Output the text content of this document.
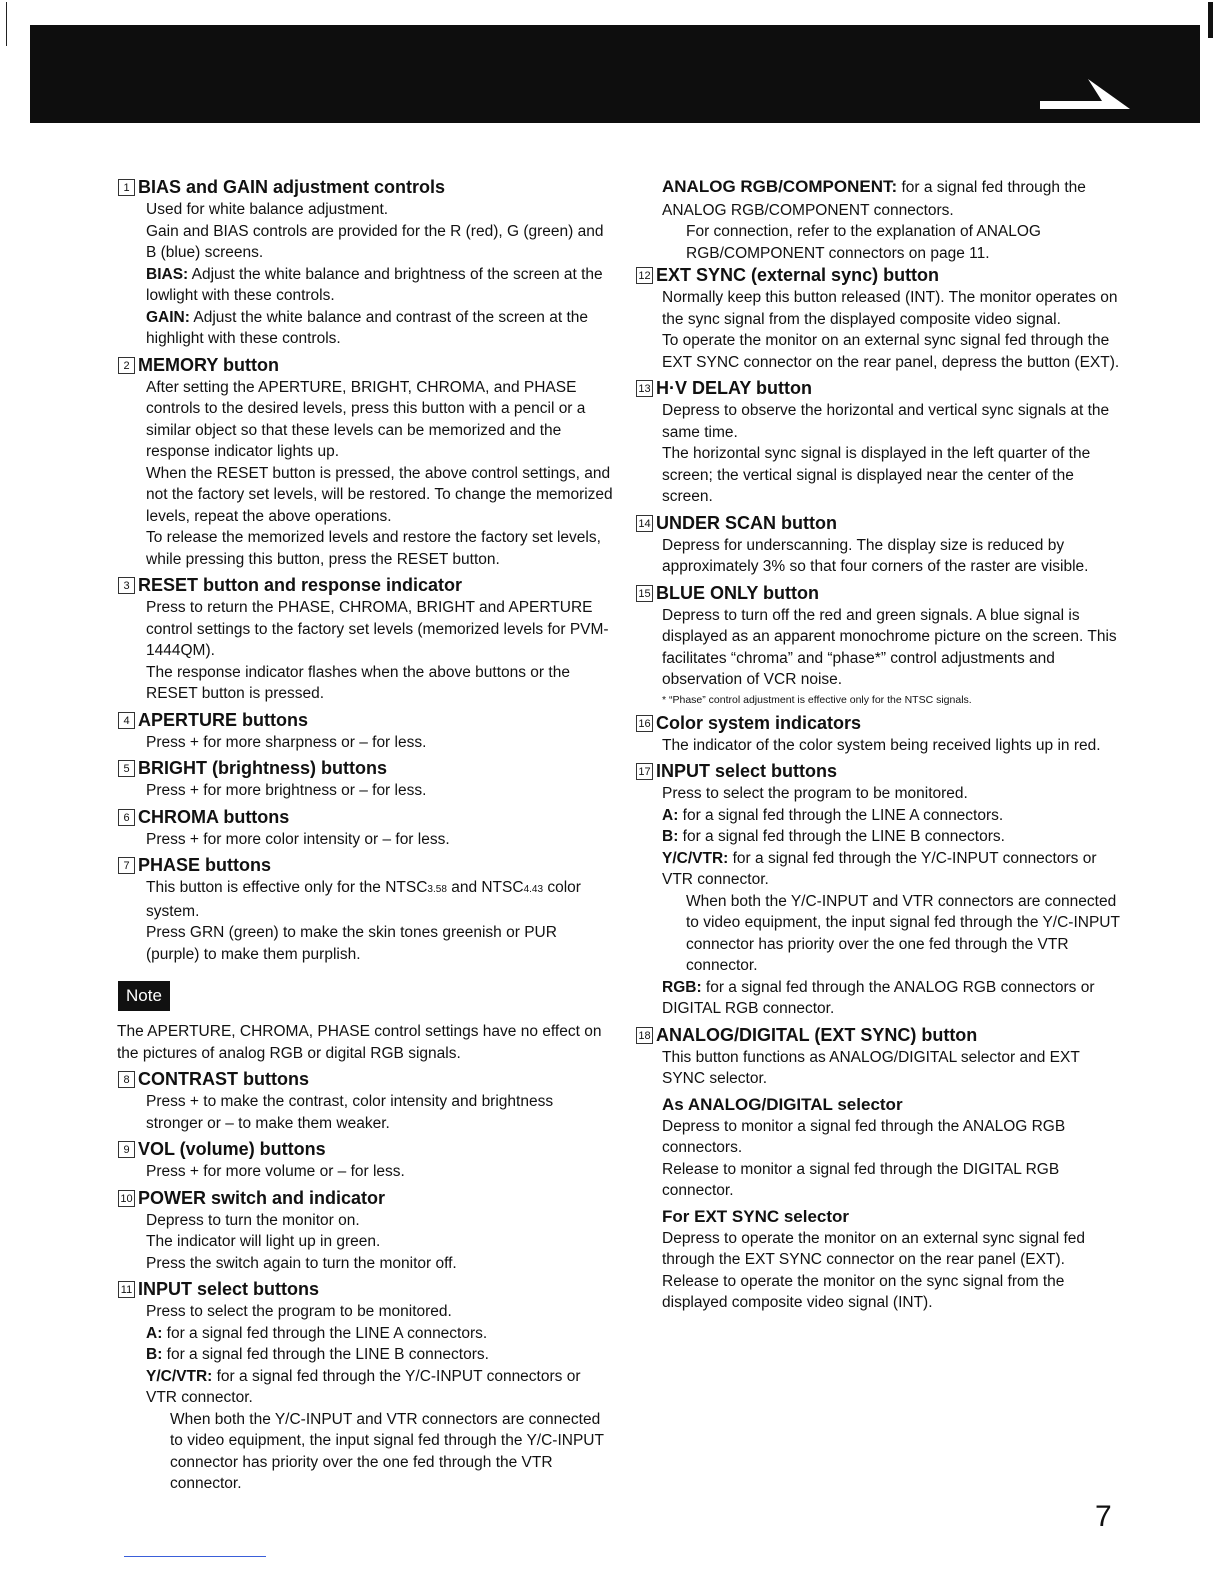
1 BIAS and GAIN adjustment controls

Used for white balance adjustment.

Gain and BIAS controls are provided for the R (red), G (green) and B (blue) screens.

BIAS: Adjust the white balance and brightness of the screen at the lowlight with these controls.

GAIN: Adjust the white balance and contrast of the screen at the highlight with these controls.

2 MEMORY button

After setting the APERTURE, BRIGHT, CHROMA, and PHASE controls to the desired levels, press this button with a pencil or a similar object so that these levels can be memorized and the response indicator lights up.

When the RESET button is pressed, the above control settings, and not the factory set levels, will be restored. To change the memorized levels, repeat the above operations.

To release the memorized levels and restore the factory set levels, while pressing this button, press the RESET button.

3 RESET button and response indicator

Press to return the PHASE, CHROMA, BRIGHT and APERTURE control settings to the factory set levels (memorized levels for PVM-1444QM).

The response indicator flashes when the above buttons or the RESET button is pressed.

4 APERTURE buttons

Press + for more sharpness or – for less.

5 BRIGHT (brightness) buttons

Press + for more brightness or – for less.

6 CHROMA buttons

Press + for more color intensity or – for less.

7 PHASE buttons

This button is effective only for the NTSC3.58 and NTSC4.43 color system.

Press GRN (green) to make the skin tones greenish or PUR (purple) to make them purplish.

Note

The APERTURE, CHROMA, PHASE control settings have no effect on the pictures of analog RGB or digital RGB signals.

8 CONTRAST buttons

Press + to make the contrast, color intensity and brightness stronger or – to make them weaker.

9 VOL (volume) buttons

Press + for more volume or – for less.

10 POWER switch and indicator

Depress to turn the monitor on.

The indicator will light up in green.

Press the switch again to turn the monitor off.

11 INPUT select buttons

Press to select the program to be monitored.

A: for a signal fed through the LINE A connectors.

B: for a signal fed through the LINE B connectors.

Y/C/VTR: for a signal fed through the Y/C-INPUT connectors or VTR connector.

When both the Y/C-INPUT and VTR connectors are connected to video equipment, the input signal fed through the Y/C-INPUT connector has priority over the one fed through the VTR connector.

ANALOG RGB/COMPONENT: for a signal fed through the ANALOG RGB/COMPONENT connectors.

For connection, refer to the explanation of ANALOG RGB/COMPONENT connectors on page 11.

12 EXT SYNC (external sync) button

Normally keep this button released (INT). The monitor operates on the sync signal from the displayed composite video signal.

To operate the monitor on an external sync signal fed through the EXT SYNC connector on the rear panel, depress the button (EXT).

13 H·V DELAY button

Depress to observe the horizontal and vertical sync signals at the same time.

The horizontal sync signal is displayed in the left quarter of the screen; the vertical signal is displayed near the center of the screen.

14 UNDER SCAN button

Depress for underscanning. The display size is reduced by approximately 3% so that four corners of the raster are visible.

15 BLUE ONLY button

Depress to turn off the red and green signals. A blue signal is displayed as an apparent monochrome picture on the screen. This facilitates “chroma” and “phase*” control adjustments and observation of VCR noise.

* “Phase” control adjustment is effective only for the NTSC signals.

16 Color system indicators

The indicator of the color system being received lights up in red.

17 INPUT select buttons

Press to select the program to be monitored.

A: for a signal fed through the LINE A connectors.

B: for a signal fed through the LINE B connectors.

Y/C/VTR: for a signal fed through the Y/C-INPUT connectors or VTR connector.

When both the Y/C-INPUT and VTR connectors are connected to video equipment, the input signal fed through the Y/C-INPUT connector has priority over the one fed through the VTR connector.

RGB: for a signal fed through the ANALOG RGB connectors or DIGITAL RGB connector.

18 ANALOG/DIGITAL (EXT SYNC) button

This button functions as ANALOG/DIGITAL selector and EXT SYNC selector.

As ANALOG/DIGITAL selector

Depress to monitor a signal fed through the ANALOG RGB connectors.

Release to monitor a signal fed through the DIGITAL RGB connector.

For EXT SYNC selector

Depress to operate the monitor on an external sync signal fed through the EXT SYNC connector on the rear panel (EXT).

Release to operate the monitor on the sync signal from the displayed composite video signal (INT).

7
